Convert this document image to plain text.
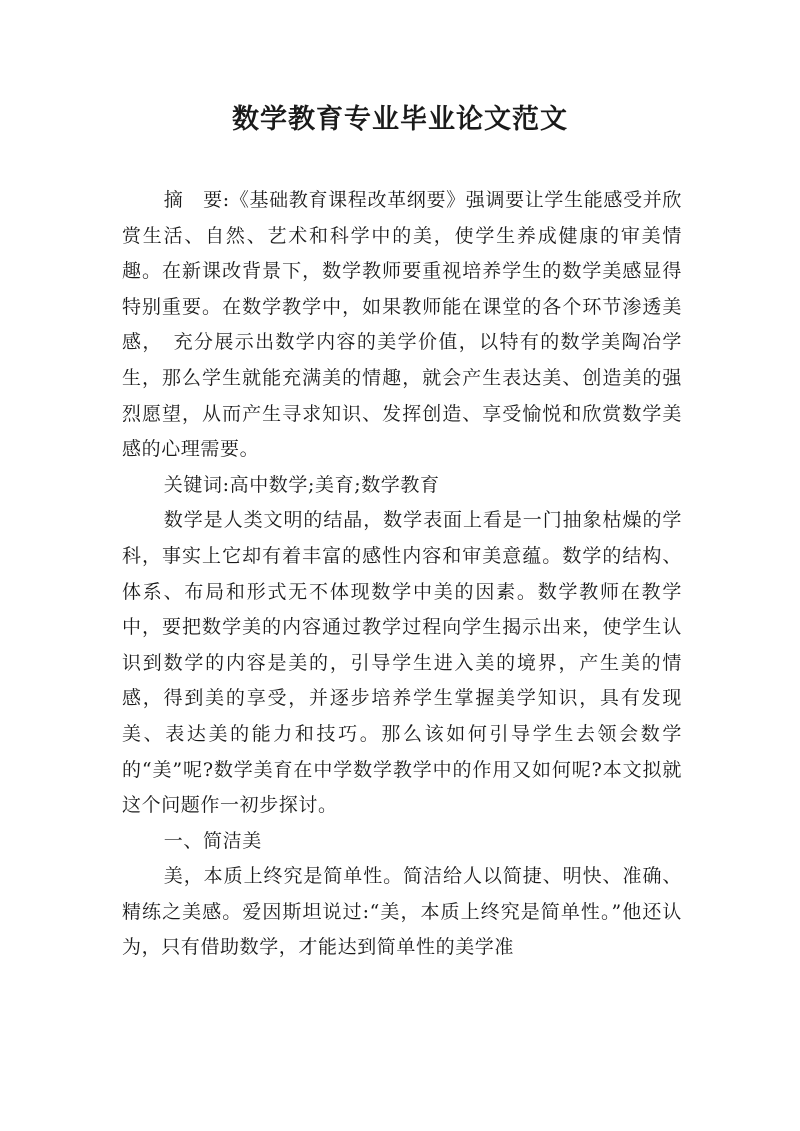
数学教育专业毕业论文范文

摘　要:《基础教育课程改革纲要》强调要让学生能感受并欣赏生活、自然、艺术和科学中的美，使学生养成健康的审美情趣。在新课改背景下，数学教师要重视培养学生的数学美感显得特别重要。在数学教学中，如果教师能在课堂的各个环节渗透美感，　充分展示出数学内容的美学价值，以特有的数学美陶冶学生，那么学生就能充满美的情趣，就会产生表达美、创造美的强烈愿望，从而产生寻求知识、发挥创造、享受愉悦和欣赏数学美感的心理需要。

关键词:高中数学;美育;数学教育

数学是人类文明的结晶，数学表面上看是一门抽象枯燥的学科，事实上它却有着丰富的感性内容和审美意蕴。数学的结构、体系、布局和形式无不体现数学中美的因素。数学教师在教学中，要把数学美的内容通过教学过程向学生揭示出来，使学生认识到数学的内容是美的，引导学生进入美的境界，产生美的情感，得到美的享受，并逐步培养学生掌握美学知识，具有发现美、表达美的能力和技巧。那么该如何引导学生去领会数学的“美”呢?数学美育在中学数学教学中的作用又如何呢?本文拟就这个问题作一初步探讨。

一、简洁美

美，本质上终究是简单性。简洁给人以简捷、明快、准确、精练之美感。爱因斯坦说过:“美，本质上终究是简单性。”他还认为，只有借助数学，才能达到简单性的美学准
